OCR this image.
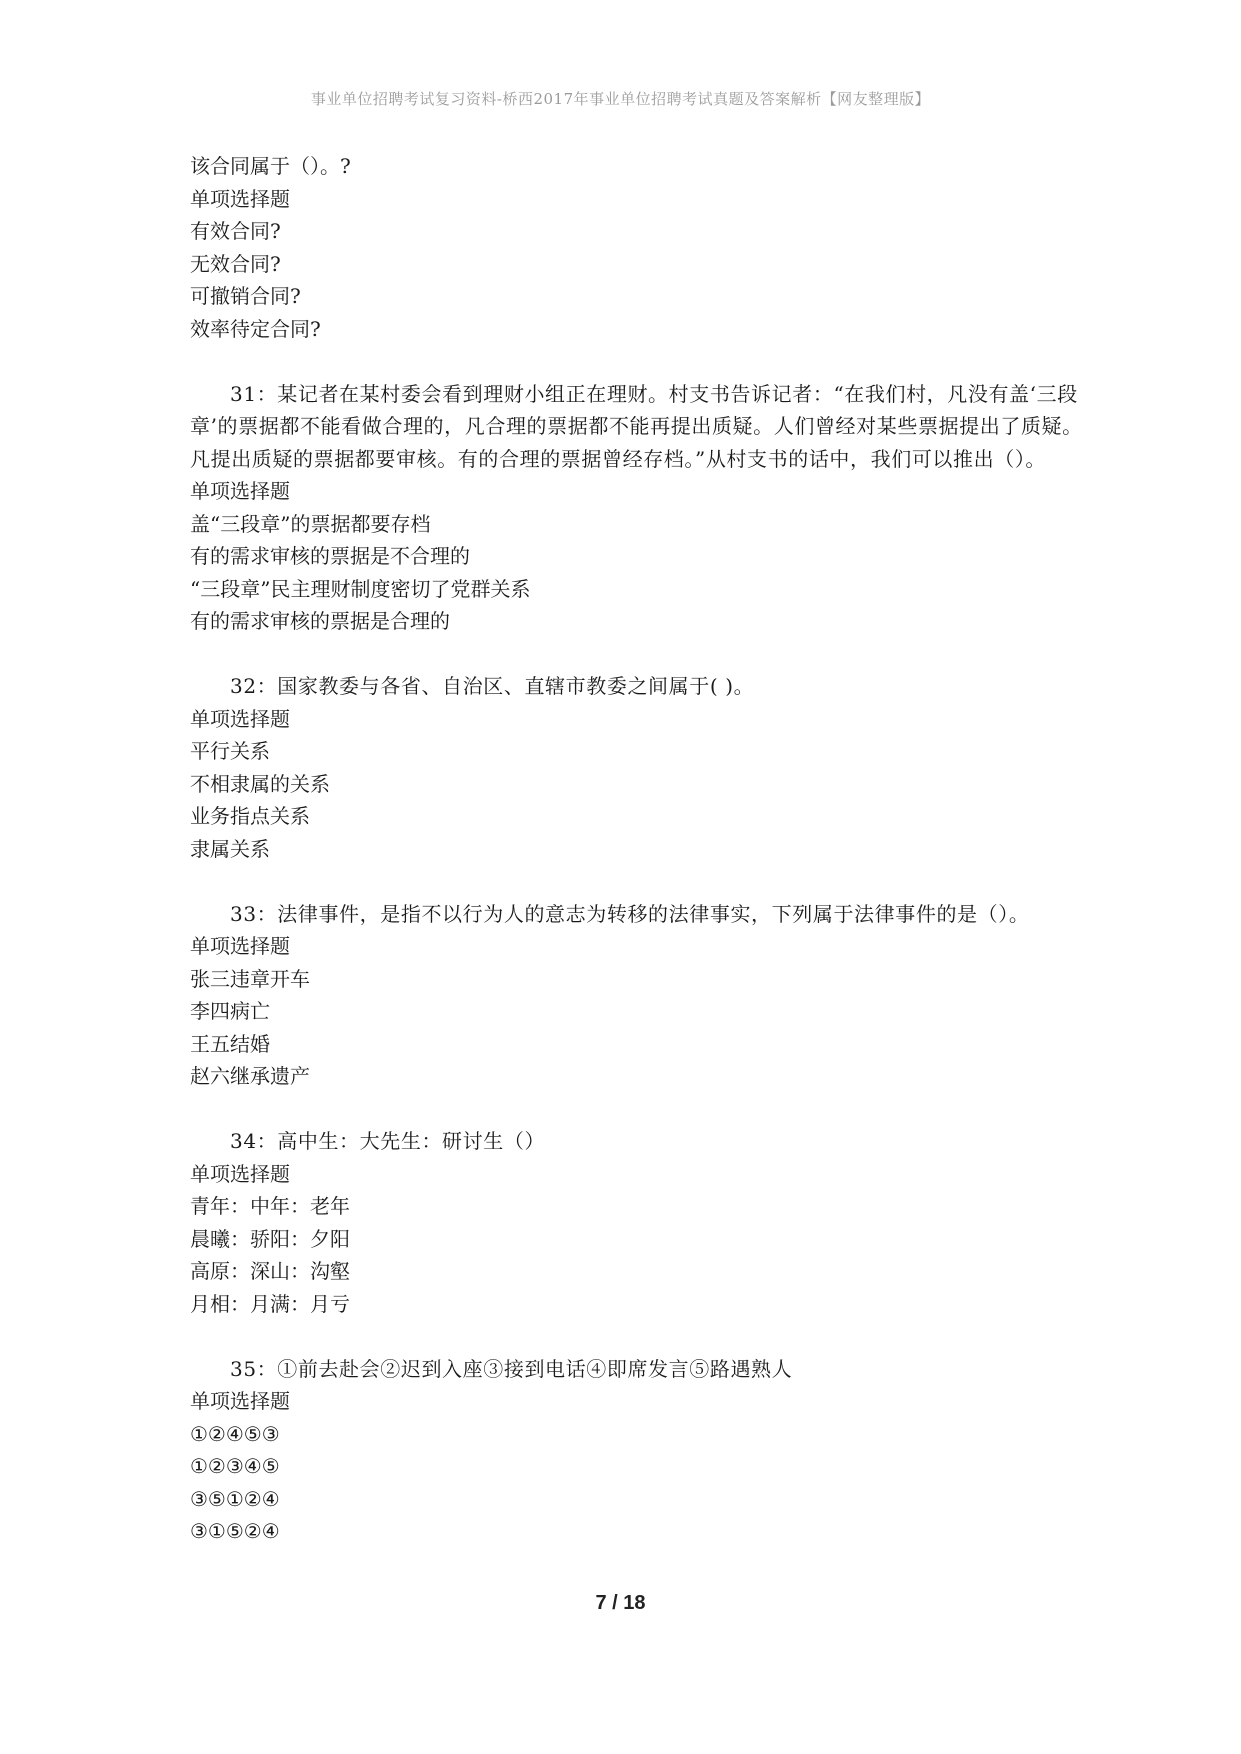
事业单位招聘考试复习资料-桥西2017年事业单位招聘考试真题及答案解析【网友整理版】
该合同属于（）。?
单项选择题
有效合同?
无效合同?
可撤销合同?
效率待定合同?
31：某记者在某村委会看到理财小组正在理财。村支书告诉记者：“在我们村，凡没有盖‘三段章’的票据都不能看做合理的，凡合理的票据都不能再提出质疑。人们曾经对某些票据提出了质疑。凡提出质疑的票据都要审核。有的合理的票据曾经存档。”从村支书的话中，我们可以推出（）。
单项选择题
盖“三段章”的票据都要存档
有的需求审核的票据是不合理的
“三段章”民主理财制度密切了党群关系
有的需求审核的票据是合理的
32：国家教委与各省、自治区、直辖市教委之间属于( )。
单项选择题
平行关系
不相隶属的关系
业务指点关系
隶属关系
33：法律事件，是指不以行为人的意志为转移的法律事实，下列属于法律事件的是（）。
单项选择题
张三违章开车
李四病亡
王五结婚
赵六继承遗产
34：高中生：大先生：研讨生（）
单项选择题
青年：中年：老年
晨曦：骄阳：夕阳
高原：深山：沟壑
月相：月满：月亏
35：①前去赴会②迟到入座③接到电话④即席发言⑤路遇熟人
单项选择题
①②④⑤③
①②③④⑤
③⑤①②④
③①⑤②④
7 / 18
